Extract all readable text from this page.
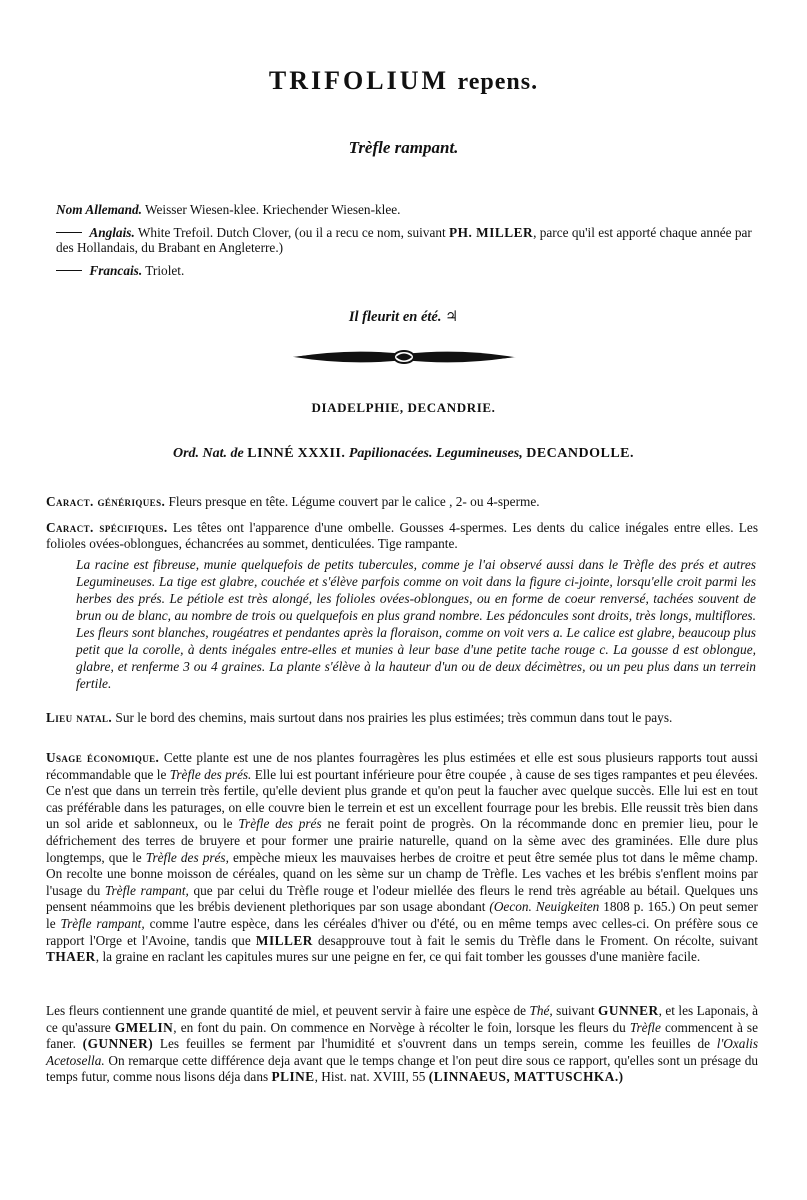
TRIFOLIUM repens.
Trèfle rampant.
Nom Allemand. Weisser Wiesen-klee. Kriechender Wiesen-klee.
Anglais. White Trefoil. Dutch Clover, (ou il a recu ce nom, suivant PH. MILLER, parce qu'il est apporté chaque année par des Hollandais, du Brabant en Angleterre.)
Francais. Triolet.
Il fleurit en été. ♃
DIADELPHIE, DECANDRIE.
Ord. Nat. de LINNÉ XXXII. Papilionacées. Legumineuses, DECANDOLLE.

Caract. génériques. Fleurs presque en tête. Légume couvert par le calice , 2- ou 4-sperme.

Caract. spécifiques. Les têtes ont l'apparence d'une ombelle. Gousses 4-spermes. Les dents du calice inégales entre elles. Les folioles ovées-oblongues, échancrées au sommet, denticulées. Tige rampante.

La racine est fibreuse, munie quelquefois de petits tubercules, comme je l'ai observé aussi dans le Trèfle des prés et autres Legumineuses. La tige est glabre, couchée et s'élève parfois comme on voit dans la figure ci-jointe, lorsqu'elle croit parmi les herbes des prés. Le pétiole est très alongé, les folioles ovées-oblongues, ou en forme de coeur renversé, tachées souvent de brun ou de blanc, au nombre de trois ou quelquefois en plus grand nombre. Les pédoncules sont droits, très longs, multiflores. Les fleurs sont blanches, rougéatres et pendantes après la floraison, comme on voit vers a. Le calice est glabre, beaucoup plus petit que la corolle, à dents inégales entre-elles et munies à leur base d'une petite tache rouge c. La gousse d est oblongue, glabre, et renferme 3 ou 4 graines. La plante s'élève à la hauteur d'un ou de deux décimètres, ou un peu plus dans un terrein fertile.

Lieu natal. Sur le bord des chemins, mais surtout dans nos prairies les plus estimées; très commun dans tout le pays.

Usage économique. Cette plante est une de nos plantes fourragères les plus estimées et elle est sous plusieurs rapports tout aussi récommandable que le Trèfle des prés. Elle lui est pourtant inférieure pour être coupée , à cause de ses tiges rampantes et peu élevées. Ce n'est que dans un terrein très fertile, qu'elle devient plus grande et qu'on peut la faucher avec quelque succès. Elle lui est en tout cas préférable dans les paturages, on elle couvre bien le terrein et est un excellent fourrage pour les brebis. Elle reussit très bien dans un sol aride et sablonneux, ou le Trèfle des prés ne ferait point de progrès. On la récommande donc en premier lieu, pour le défrichement des terres de bruyere et pour former une prairie naturelle, quand on la sème avec des graminées. Elle dure plus longtemps, que le Trèfle des prés, empèche mieux les mauvaises herbes de croitre et peut être semée plus tot dans le même champ. On recolte une bonne moisson de céréales, quand on les sème sur un champ de Trèfle. Les vaches et les brébis s'enflent moins par l'usage du Trèfle rampant, que par celui du Trèfle rouge et l'odeur miellée des fleurs le rend très agréable au bétail. Quelques uns pensent néammoins que les brébis devienent plethoriques par son usage abondant (Oecon. Neuigkeiten 1808 p. 165.) On peut semer le Trèfle rampant, comme l'autre espèce, dans les céréales d'hiver ou d'été, ou en même temps avec celles-ci. On préfère sous ce rapport l'Orge et l'Avoine, tandis que MILLER desapprouve tout à fait le semis du Trèfle dans le Froment. On récolte, suivant THAER, la graine en raclant les capitules mures sur une peigne en fer, ce qui fait tomber les gousses d'une manière facile.

Les fleurs contiennent une grande quantité de miel, et peuvent servir à faire une espèce de Thé, suivant GUNNER, et les Laponais, à ce qu'assure GMELIN, en font du pain. On commence en Norvège à récolter le foin, lorsque les fleurs du Trèfle commencent à se faner. (GUNNER) Les feuilles se ferment par l'humidité et s'ouvrent dans un temps serein, comme les feuilles de l'Oxalis Acetosella. On remarque cette différence deja avant que le temps change et l'on peut dire sous ce rapport, qu'elles sont un présage du temps futur, comme nous lisons déja dans PLINE, Hist. nat. XVIII, 55 (LINNAEUS, MATTUSCHKA.)
